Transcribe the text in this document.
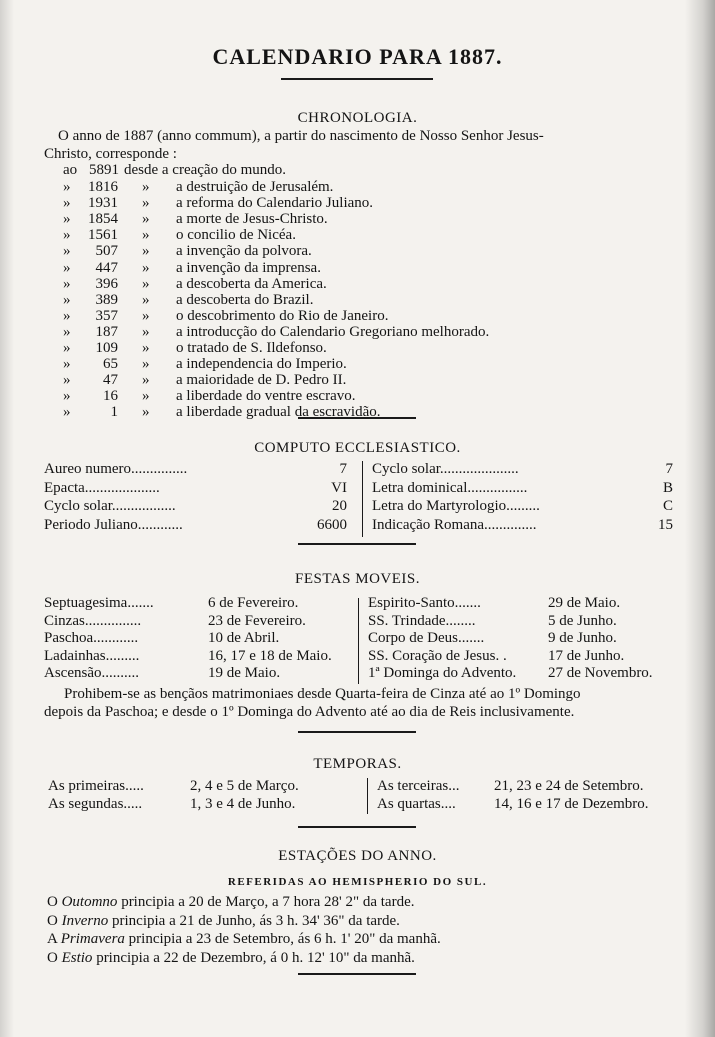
CALENDARIO PARA 1887.
CHRONOLOGIA.
O anno de 1887 (anno commum), a partir do nascimento de Nosso Senhor Jesus-
Christo, corresponde :
ao 5891 desde a creação do mundo.
»	1816 » a destruição de Jerusalém.
»	1931 » a reforma do Calendario Juliano.
»	1854 » a morte de Jesus-Christo.
»	1561 » o concilio de Nicéa.
»	507 » a invenção da polvora.
»	447 » a invenção da imprensa.
»	396 » a descoberta da America.
»	389 » a descoberta do Brazil.
»	357 » o descobrimento do Rio de Janeiro.
»	187 » a introducção do Calendario Gregoriano melhorado.
»	109 » o tratado de S. Ildefonso.
»	65 » a independencia do Imperio.
»	47 » a maioridade de D. Pedro II.
»	16 » a liberdade do ventre escravo.
»	1 » a liberdade gradual da escravidão.
COMPUTO ECCLESIASTICO.
Aureo numero...............	7
Epacta....................	VI
Cyclo solar.................	20
Periodo Juliano............	6600
Cyclo solar.....................	7
Letra dominical................	B
Letra do Martyrologio.........	C
Indicação Romana..............	15
FESTAS MOVEIS.
Septuagesima.......	6 de Fevereiro.
Cinzas...............	23 de Fevereiro.
Paschoa............	10 de Abril.
Ladainhas.........	16, 17 e 18 de Maio.
Ascensão..........	19 de Maio.
Espirito-Santo.......	29 de Maio.
SS. Trindade........	5 de Junho.
Corpo de Deus.......	9 de Junho.
SS. Coração de Jesus. .	17 de Junho.
1ª Dominga do Advento. 27 de Novembro.
Prohibem-se as bençãos matrimoniaes desde Quarta-feira de Cinza até ao 1º Domingo
depois da Paschoa; e desde o 1º Dominga do Advento até ao dia de Reis inclusivamente.
TEMPORAS.
As primeiras.....	2, 4 e 5 de Março.
As segundas.....	1, 3 e 4 de Junho.
As terceiras... 21, 23 e 24 de Setembro.
As quartas....	14, 16 e 17 de Dezembro.
ESTAÇÕES DO ANNO.
REFERIDAS AO HEMISPHERIO DO SUL.
O Outomno principia a 20 de Março, a 7 hora 28' 2" da tarde.
O Inverno principia a 21 de Junho, ás 3 h. 34' 36" da tarde.
A Primavera principia a 23 de Setembro, ás 6 h. 1' 20" da manhã.
O Estio principia a 22 de Dezembro, á 0 h. 12' 10" da manhã.
